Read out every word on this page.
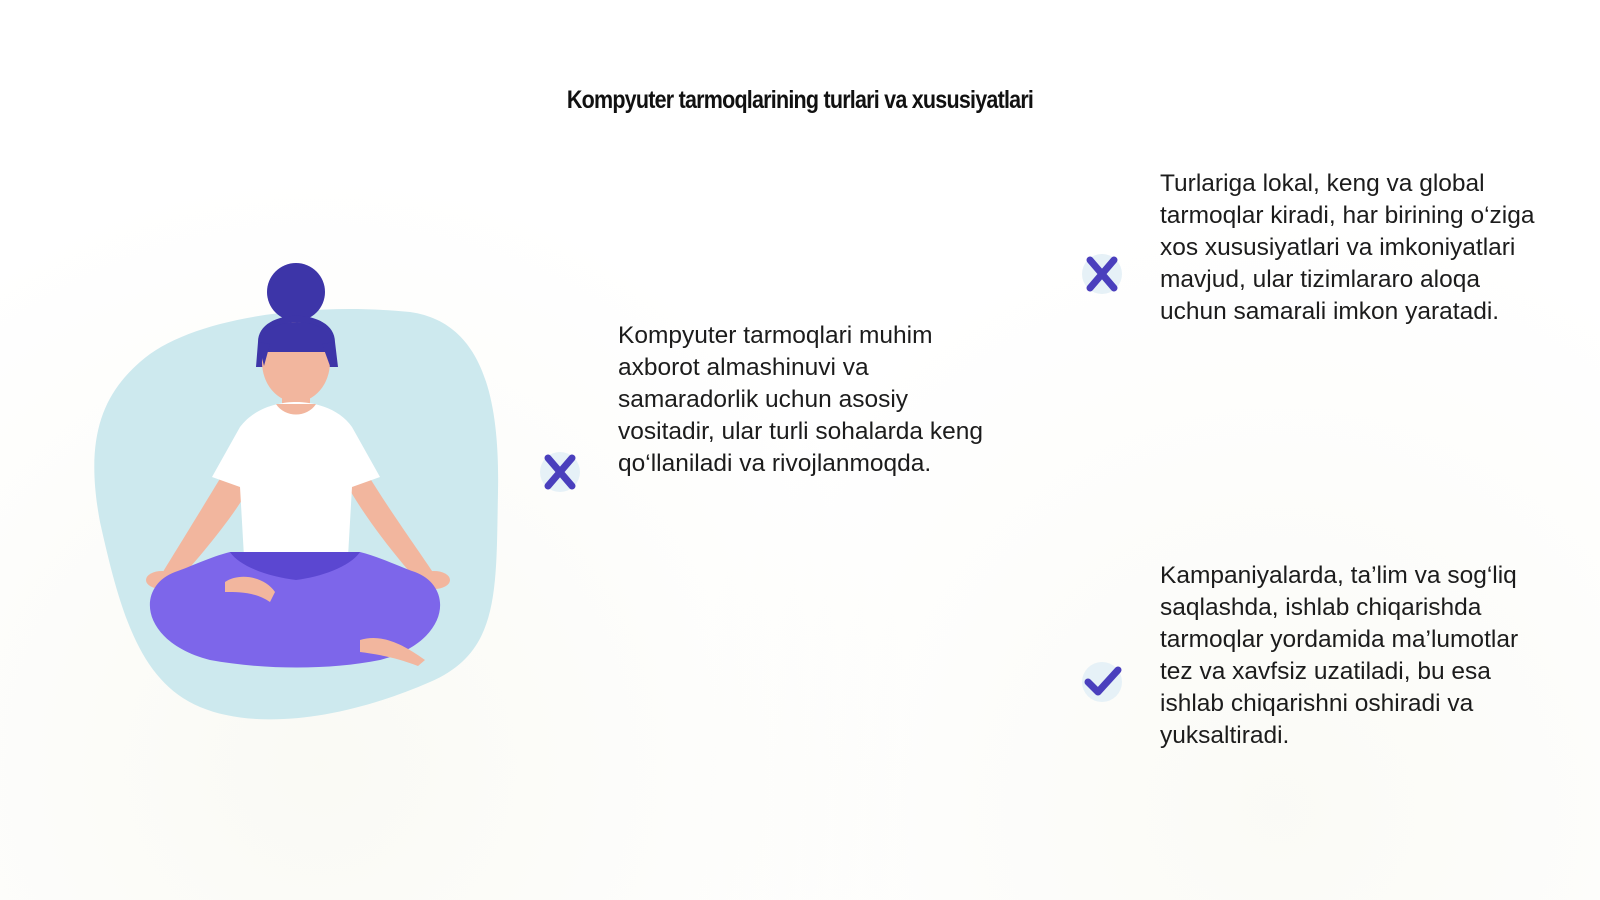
Kompyuter tarmoqlarining turlari va xususiyatlari
Kompyuter tarmoqlari muhim
axborot almashinuvi va
samaradorlik uchun asosiy
vositadir, ular turli sohalarda keng
qo‘llaniladi va rivojlanmoqda.
Turlariga lokal, keng va global
tarmoqlar kiradi, har birining o‘ziga
xos xususiyatlari va imkoniyatlari
mavjud, ular tizimlararo aloqa
uchun samarali imkon yaratadi.
Kampaniyalarda, ta’lim va sog‘liq
saqlashda, ishlab chiqarishda
tarmoqlar yordamida ma’lumotlar
tez va xavfsiz uzatiladi, bu esa
ishlab chiqarishni oshiradi va
yuksaltiradi.
